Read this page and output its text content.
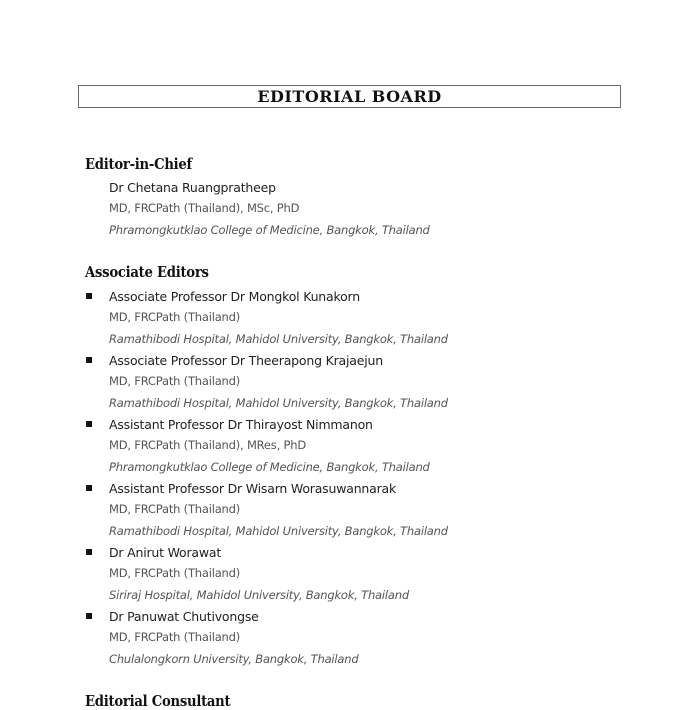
EDITORIAL BOARD
Editor-in-Chief
Dr Chetana Ruangpratheep
MD, FRCPath (Thailand), MSc, PhD
Phramongkutklao College of Medicine, Bangkok, Thailand
Associate Editors
Associate Professor Dr Mongkol Kunakorn
MD, FRCPath (Thailand)
Ramathibodi Hospital, Mahidol University, Bangkok, Thailand
Associate Professor Dr Theerapong Krajaejun
MD, FRCPath (Thailand)
Ramathibodi Hospital, Mahidol University, Bangkok, Thailand
Assistant Professor Dr Thirayost Nimmanon
MD, FRCPath (Thailand), MRes, PhD
Phramongkutklao College of Medicine, Bangkok, Thailand
Assistant Professor Dr Wisarn Worasuwannarak
MD, FRCPath (Thailand)
Ramathibodi Hospital, Mahidol University, Bangkok, Thailand
Dr Anirut Worawat
MD, FRCPath (Thailand)
Siriraj Hospital, Mahidol University, Bangkok, Thailand
Dr Panuwat Chutivongse
MD, FRCPath (Thailand)
Chulalongkorn University, Bangkok, Thailand
Editorial Consultant
